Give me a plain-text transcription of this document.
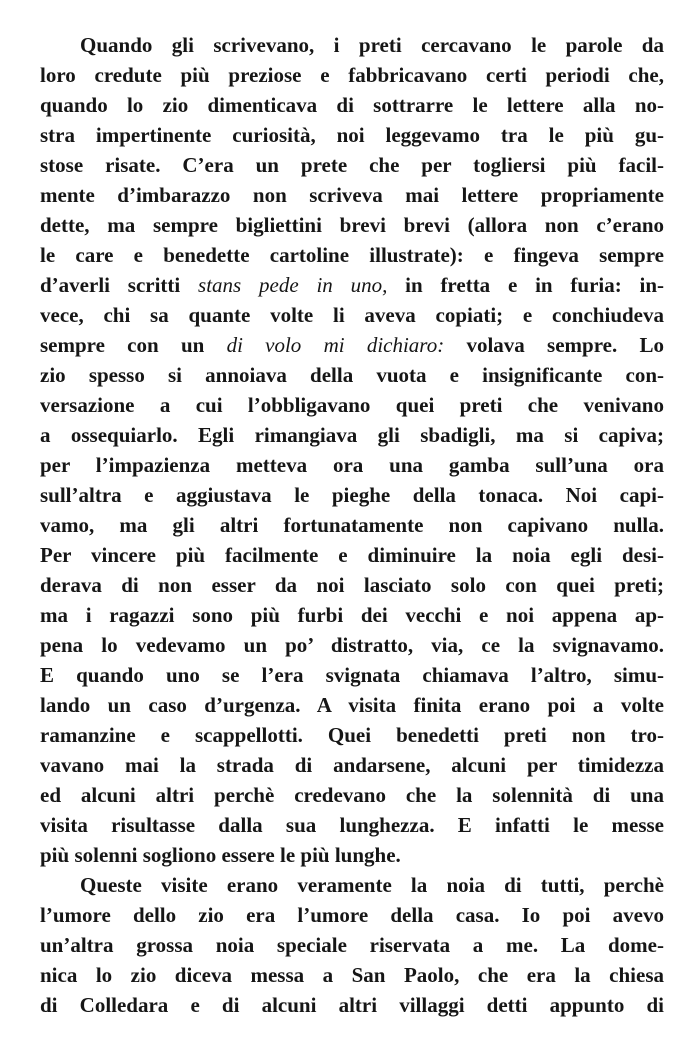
Quando gli scrivevano, i preti cercavano le parole da
loro credute più preziose e fabbricavano certi periodi che,
quando lo zio dimenticava di sottrarre le lettere alla no-
stra impertinente curiosità, noi leggevamo tra le più gu-
stose risate. C’era un prete che per togliersi più facil-
mente d’imbarazzo non scriveva mai lettere propriamente
dette, ma sempre bigliettini brevi brevi (allora non c’erano
le care e benedette cartoline illustrate): e fingeva sempre
d’averli scritti stans pede in uno, in fretta e in furia: in-
vece, chi sa quante volte li aveva copiati; e conchiudeva
sempre con un di volo mi dichiaro: volava sempre. Lo
zio spesso si annoiava della vuota e insignificante con-
versazione a cui l’obbligavano quei preti che venivano
a ossequiarlo. Egli rimangiava gli sbadigli, ma si capiva;
per l’impazienza metteva ora una gamba sull’una ora
sull’altra e aggiustava le pieghe della tonaca. Noi capi-
vamo, ma gli altri fortunatamente non capivano nulla.
Per vincere più facilmente e diminuire la noia egli desi-
derava di non esser da noi lasciato solo con quei preti;
ma i ragazzi sono più furbi dei vecchi e noi appena ap-
pena lo vedevamo un po’ distratto, via, ce la svignavamo.
E quando uno se l’era svignata chiamava l’altro, simu-
lando un caso d’urgenza. A visita finita erano poi a volte
ramanzine e scappellotti. Quei benedetti preti non tro-
vavano mai la strada di andarsene, alcuni per timidezza
ed alcuni altri perchè credevano che la solennità di una
visita risultasse dalla sua lunghezza. E infatti le messe
più solenni sogliono essere le più lunghe.
Queste visite erano veramente la noia di tutti, perchè
l’umore dello zio era l’umore della casa. Io poi avevo
un’altra grossa noia speciale riservata a me. La dome-
nica lo zio diceva messa a San Paolo, che era la chiesa
di Colledara e di alcuni altri villaggi detti appunto di
